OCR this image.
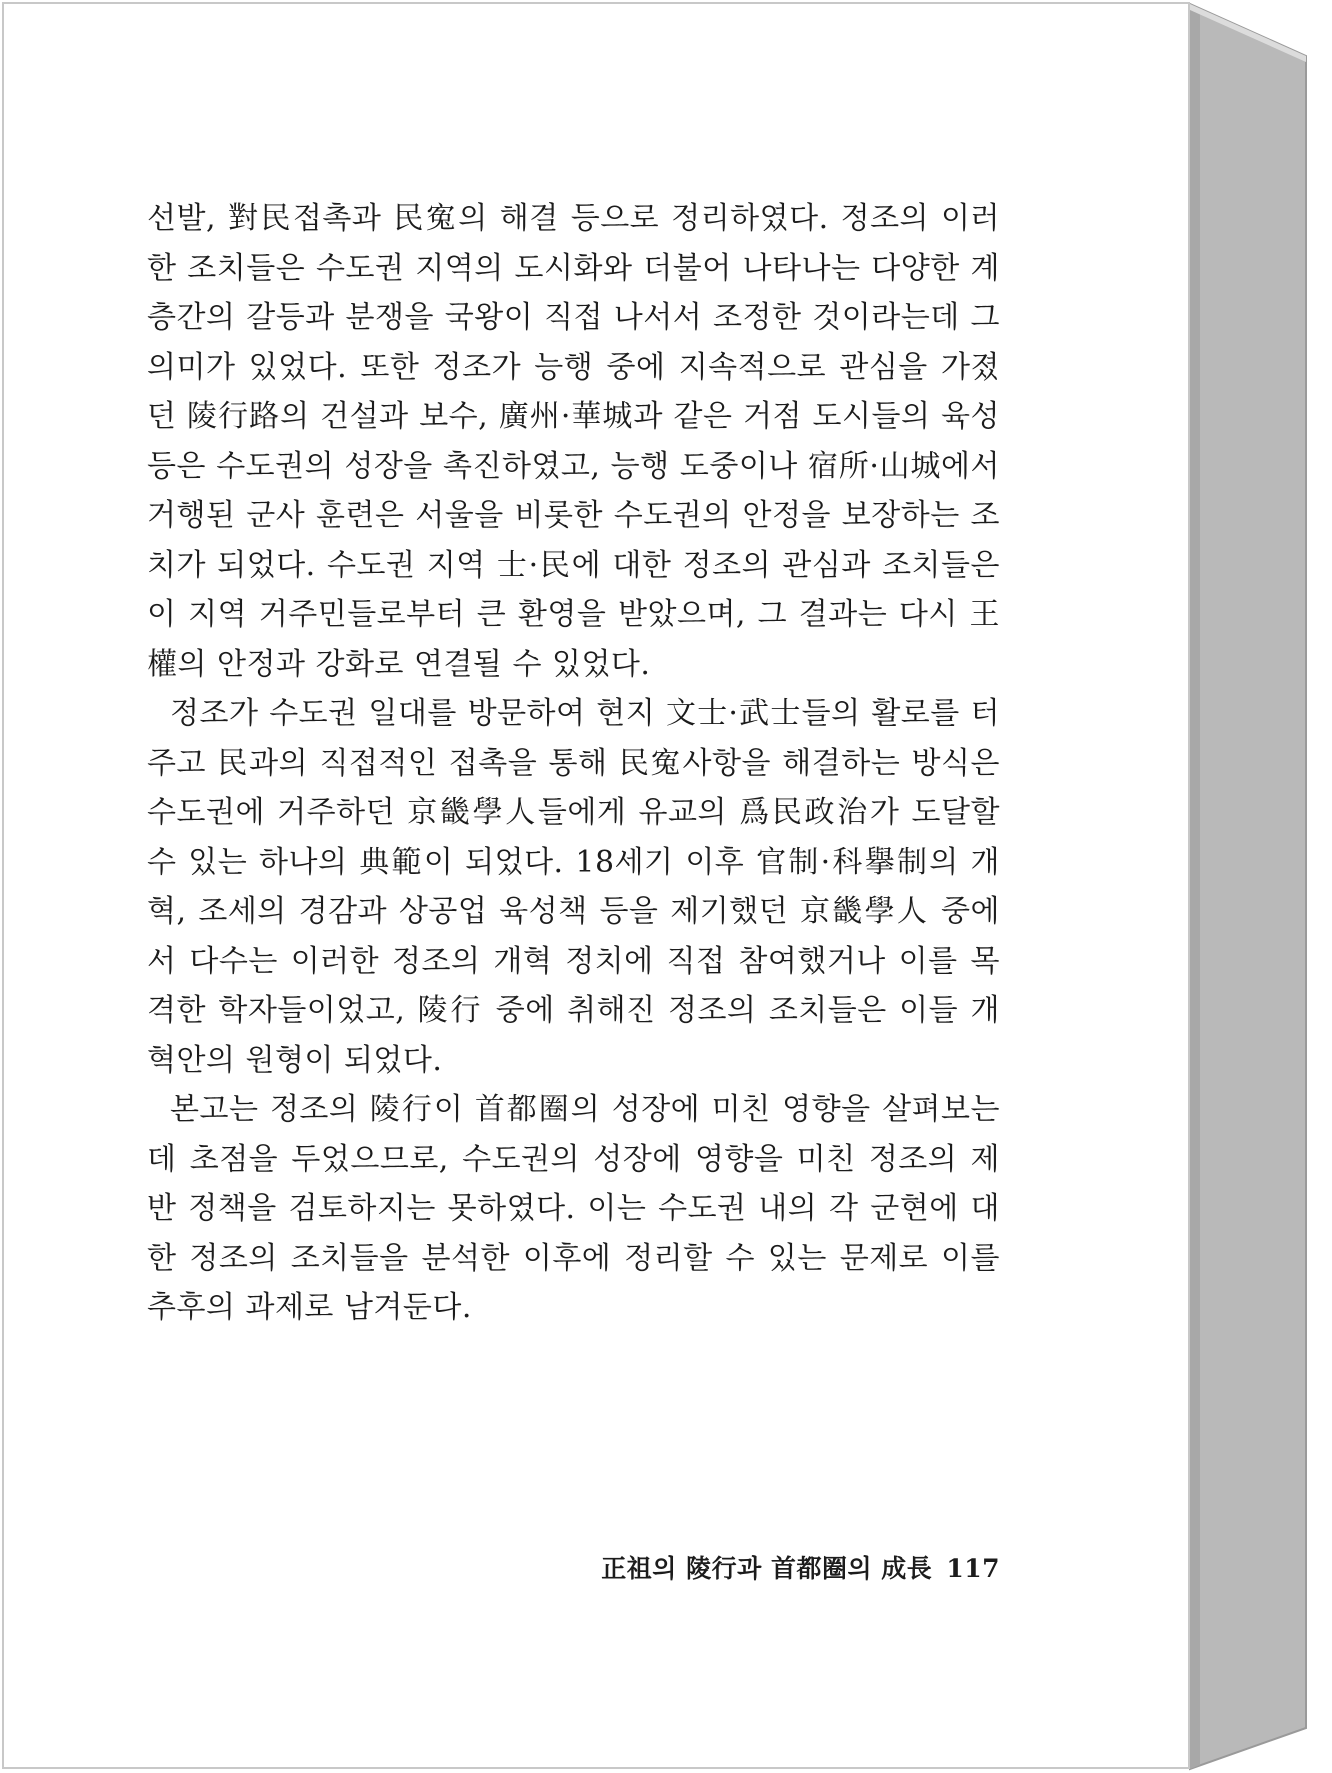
선발, 對民접촉과 民寃의 해결 등으로 정리하였다. 정조의 이러한 조치들은 수도권 지역의 도시화와 더불어 나타나는 다양한 계층간의 갈등과 분쟁을 국왕이 직접 나서서 조정한 것이라는데 그 의미가 있었다. 또한 정조가 능행 중에 지속적으로 관심을 가졌던 陵行路의 건설과 보수, 廣州·華城과 같은 거점 도시들의 육성 등은 수도권의 성장을 촉진하였고, 능행 도중이나 宿所·山城에서 거행된 군사 훈련은 서울을 비롯한 수도권의 안정을 보장하는 조치가 되었다. 수도권 지역 士·民에 대한 정조의 관심과 조치들은 이 지역 거주민들로부터 큰 환영을 받았으며, 그 결과는 다시 王權의 안정과 강화로 연결될 수 있었다.

정조가 수도권 일대를 방문하여 현지 文士·武士들의 활로를 터주고 民과의 직접적인 접촉을 통해 民寃사항을 해결하는 방식은 수도권에 거주하던 京畿學人들에게 유교의 爲民政治가 도달할 수 있는 하나의 典範이 되었다. 18세기 이후 官制·科擧制의 개혁, 조세의 경감과 상공업 육성책 등을 제기했던 京畿學人 중에서 다수는 이러한 정조의 개혁 정치에 직접 참여했거나 이를 목격한 학자들이었고, 陵行 중에 취해진 정조의 조치들은 이들 개혁안의 원형이 되었다.

본고는 정조의 陵行이 首都圈의 성장에 미친 영향을 살펴보는데 초점을 두었으므로, 수도권의 성장에 영향을 미친 정조의 제반 정책을 검토하지는 못하였다. 이는 수도권 내의 각 군현에 대한 정조의 조치들을 분석한 이후에 정리할 수 있는 문제로 이를 추후의 과제로 남겨둔다.

正祖의 陵行과 首都圈의 成長 117
